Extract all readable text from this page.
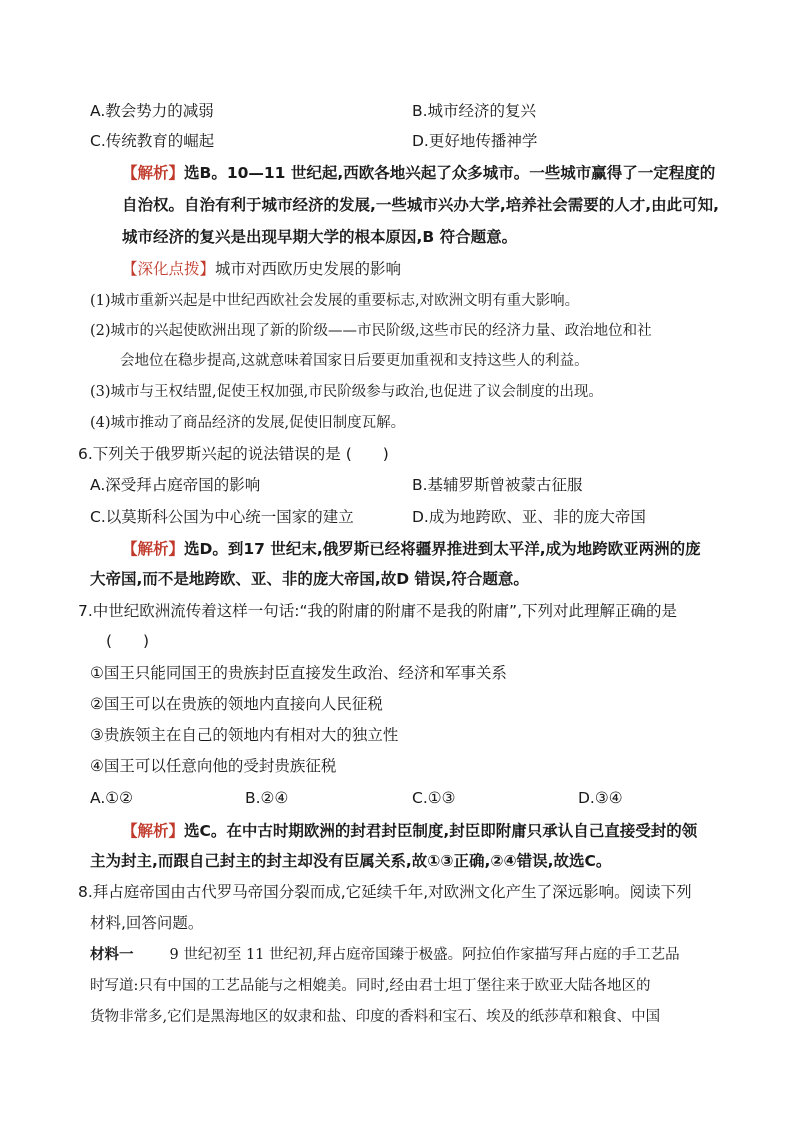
A.教会势力的减弱	B.城市经济的复兴
C.传统教育的崛起	D.更好地传播神学
【解析】选B。10—11 世纪起,西欧各地兴起了众多城市。一些城市赢得了一定程度的
自治权。自治有利于城市经济的发展,一些城市兴办大学,培养社会需要的人才,由此可知,
城市经济的复兴是出现早期大学的根本原因,B 符合题意。
【深化点拨】城市对西欧历史发展的影响
(1)城市重新兴起是中世纪西欧社会发展的重要标志,对欧洲文明有重大影响。
(2)城市的兴起使欧洲出现了新的阶级——市民阶级,这些市民的经济力量、政治地位和社
会地位在稳步提高,这就意味着国家日后要更加重视和支持这些人的利益。
(3)城市与王权结盟,促使王权加强,市民阶级参与政治,也促进了议会制度的出现。
(4)城市推动了商品经济的发展,促使旧制度瓦解。
6.下列关于俄罗斯兴起的说法错误的是 (　　)
A.深受拜占庭帝国的影响	B.基辅罗斯曾被蒙古征服
C.以莫斯科公国为中心统一国家的建立	D.成为地跨欧、亚、非的庞大帝国
【解析】选D。到17 世纪末,俄罗斯已经将疆界推进到太平洋,成为地跨欧亚两洲的庞
大帝国,而不是地跨欧、亚、非的庞大帝国,故D 错误,符合题意。
7.中世纪欧洲流传着这样一句话:“我的附庸的附庸不是我的附庸”,下列对此理解正确的是
(　　)
①国王只能同国王的贵族封臣直接发生政治、经济和军事关系
②国王可以在贵族的领地内直接向人民征税
③贵族领主在自己的领地内有相对大的独立性
④国王可以任意向他的受封贵族征税
A.①②	B.②④	C.①③	D.③④
【解析】选C。在中古时期欧洲的封君封臣制度,封臣即附庸只承认自己直接受封的领
主为封主,而跟自己封主的封主却没有臣属关系,故①③正确,②④错误,故选C。
8.拜占庭帝国由古代罗马帝国分裂而成,它延续千年,对欧洲文化产生了深远影响。阅读下列
材料,回答问题。
材料一 9 世纪初至 11 世纪初,拜占庭帝国臻于极盛。阿拉伯作家描写拜占庭的手工艺品
时写道:只有中国的工艺品能与之相媲美。同时,经由君士坦丁堡往来于欧亚大陆各地区的
货物非常多,它们是黑海地区的奴隶和盐、印度的香料和宝石、埃及的纸莎草和粮食、中国
